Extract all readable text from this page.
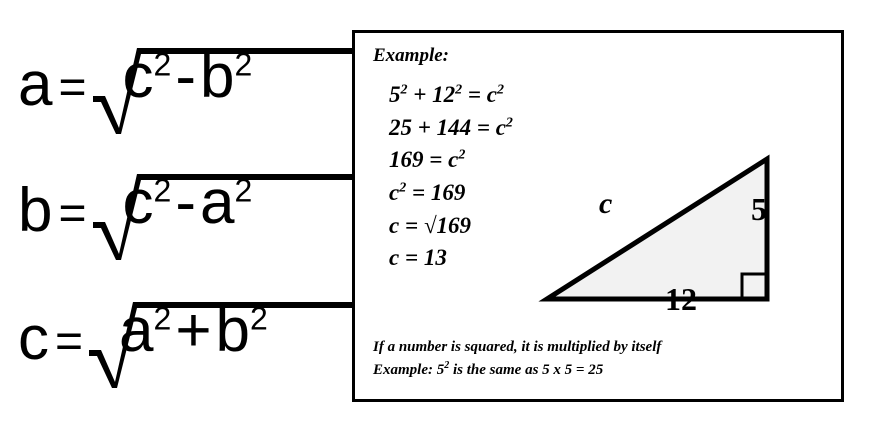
$a = c^2-b^2$
$b = c^2-a^2$
$c = a^2+b^2$
Example:
$5^2 + 12^2 = c^2$
$25 + 144 = c^2$
$169 = c^2$
$c^2 = 169$
c = √169
c = 13
c	5
12
If a number is squared, it is multiplied by itself
Example: $5^2$ is the same as 5 x 5 = 25
